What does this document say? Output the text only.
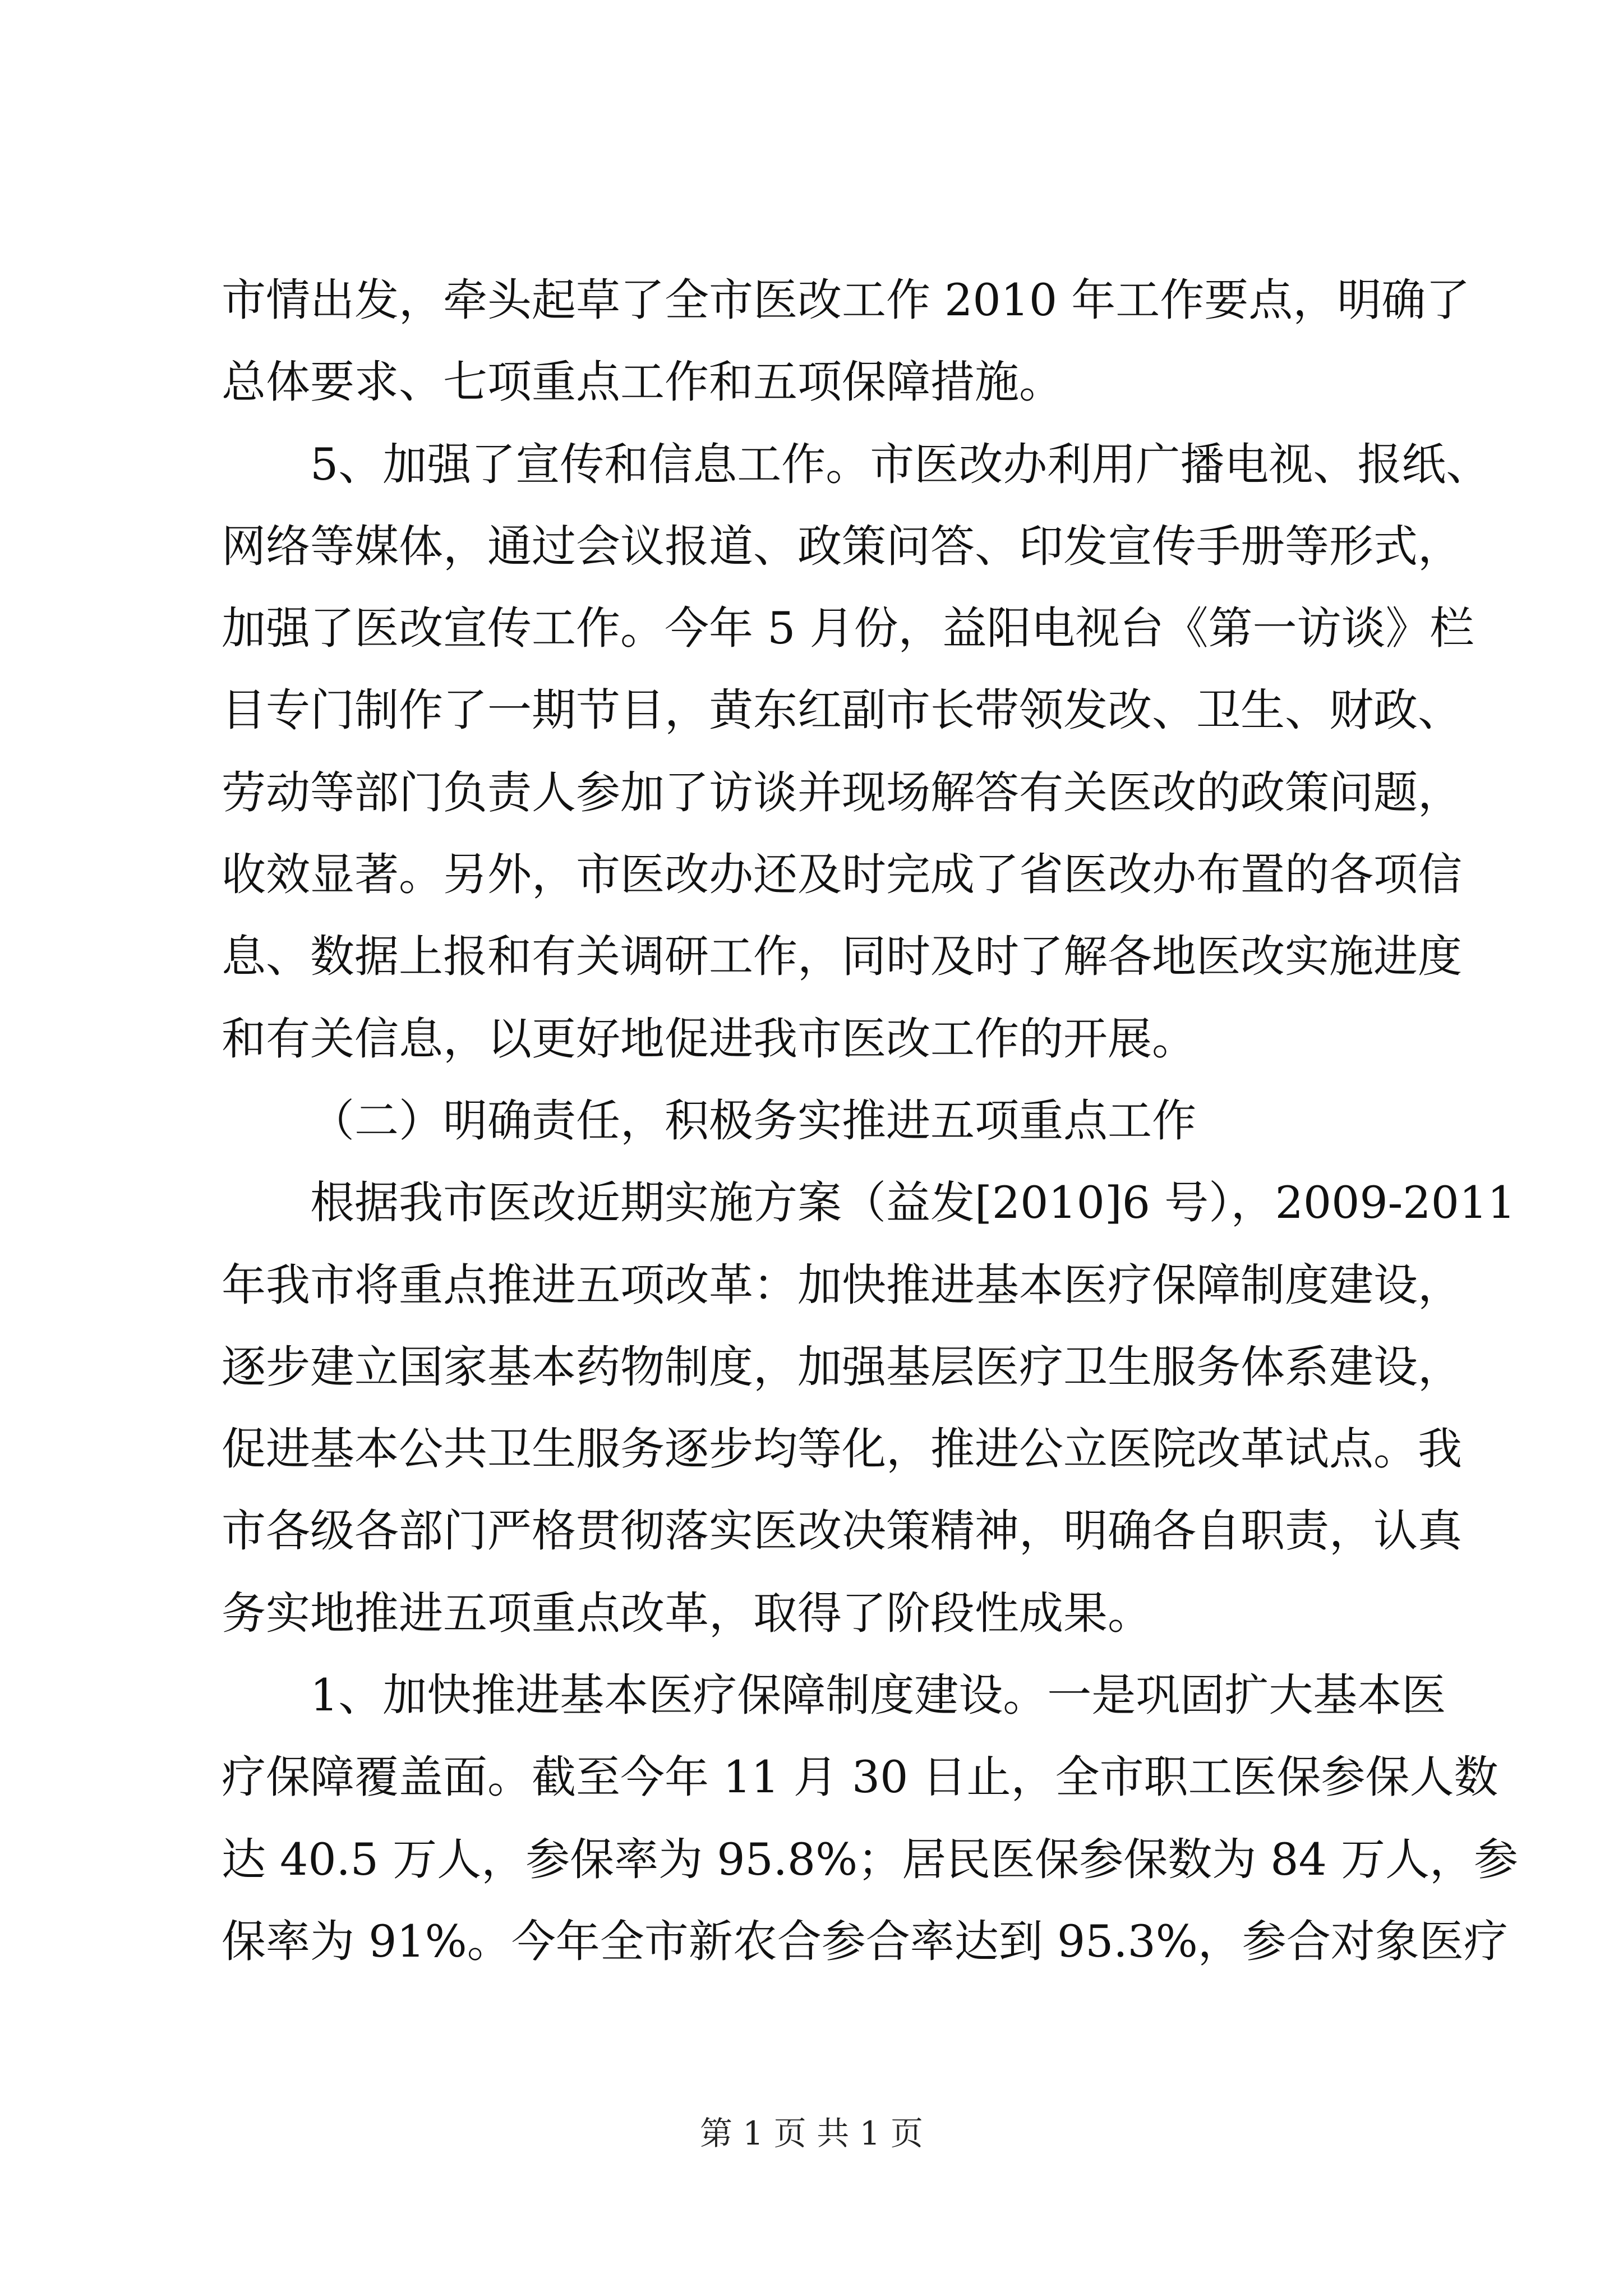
市情出发，牵头起草了全市医改工作 2010 年工作要点，明确了
总体要求、七项重点工作和五项保障措施。
5、加强了宣传和信息工作。市医改办利用广播电视、报纸、
网络等媒体，通过会议报道、政策问答、印发宣传手册等形式，
加强了医改宣传工作。今年 5 月份，益阳电视台《第一访谈》栏
目专门制作了一期节目，黄东红副市长带领发改、卫生、财政、
劳动等部门负责人参加了访谈并现场解答有关医改的政策问题，
收效显著。另外，市医改办还及时完成了省医改办布置的各项信
息、数据上报和有关调研工作，同时及时了解各地医改实施进度
和有关信息，以更好地促进我市医改工作的开展。
（二）明确责任，积极务实推进五项重点工作
根据我市医改近期实施方案（益发[2010]6 号），2009-2011
年我市将重点推进五项改革：加快推进基本医疗保障制度建设，
逐步建立国家基本药物制度，加强基层医疗卫生服务体系建设，
促进基本公共卫生服务逐步均等化，推进公立医院改革试点。我
市各级各部门严格贯彻落实医改决策精神，明确各自职责，认真
务实地推进五项重点改革，取得了阶段性成果。
1、加快推进基本医疗保障制度建设。一是巩固扩大基本医
疗保障覆盖面。截至今年 11 月 30 日止，全市职工医保参保人数
达 40.5 万人，参保率为 95.8%；居民医保参保数为 84 万人，参
保率为 91%。今年全市新农合参合率达到 95.3%，参合对象医疗
第 1 页 共 1 页
